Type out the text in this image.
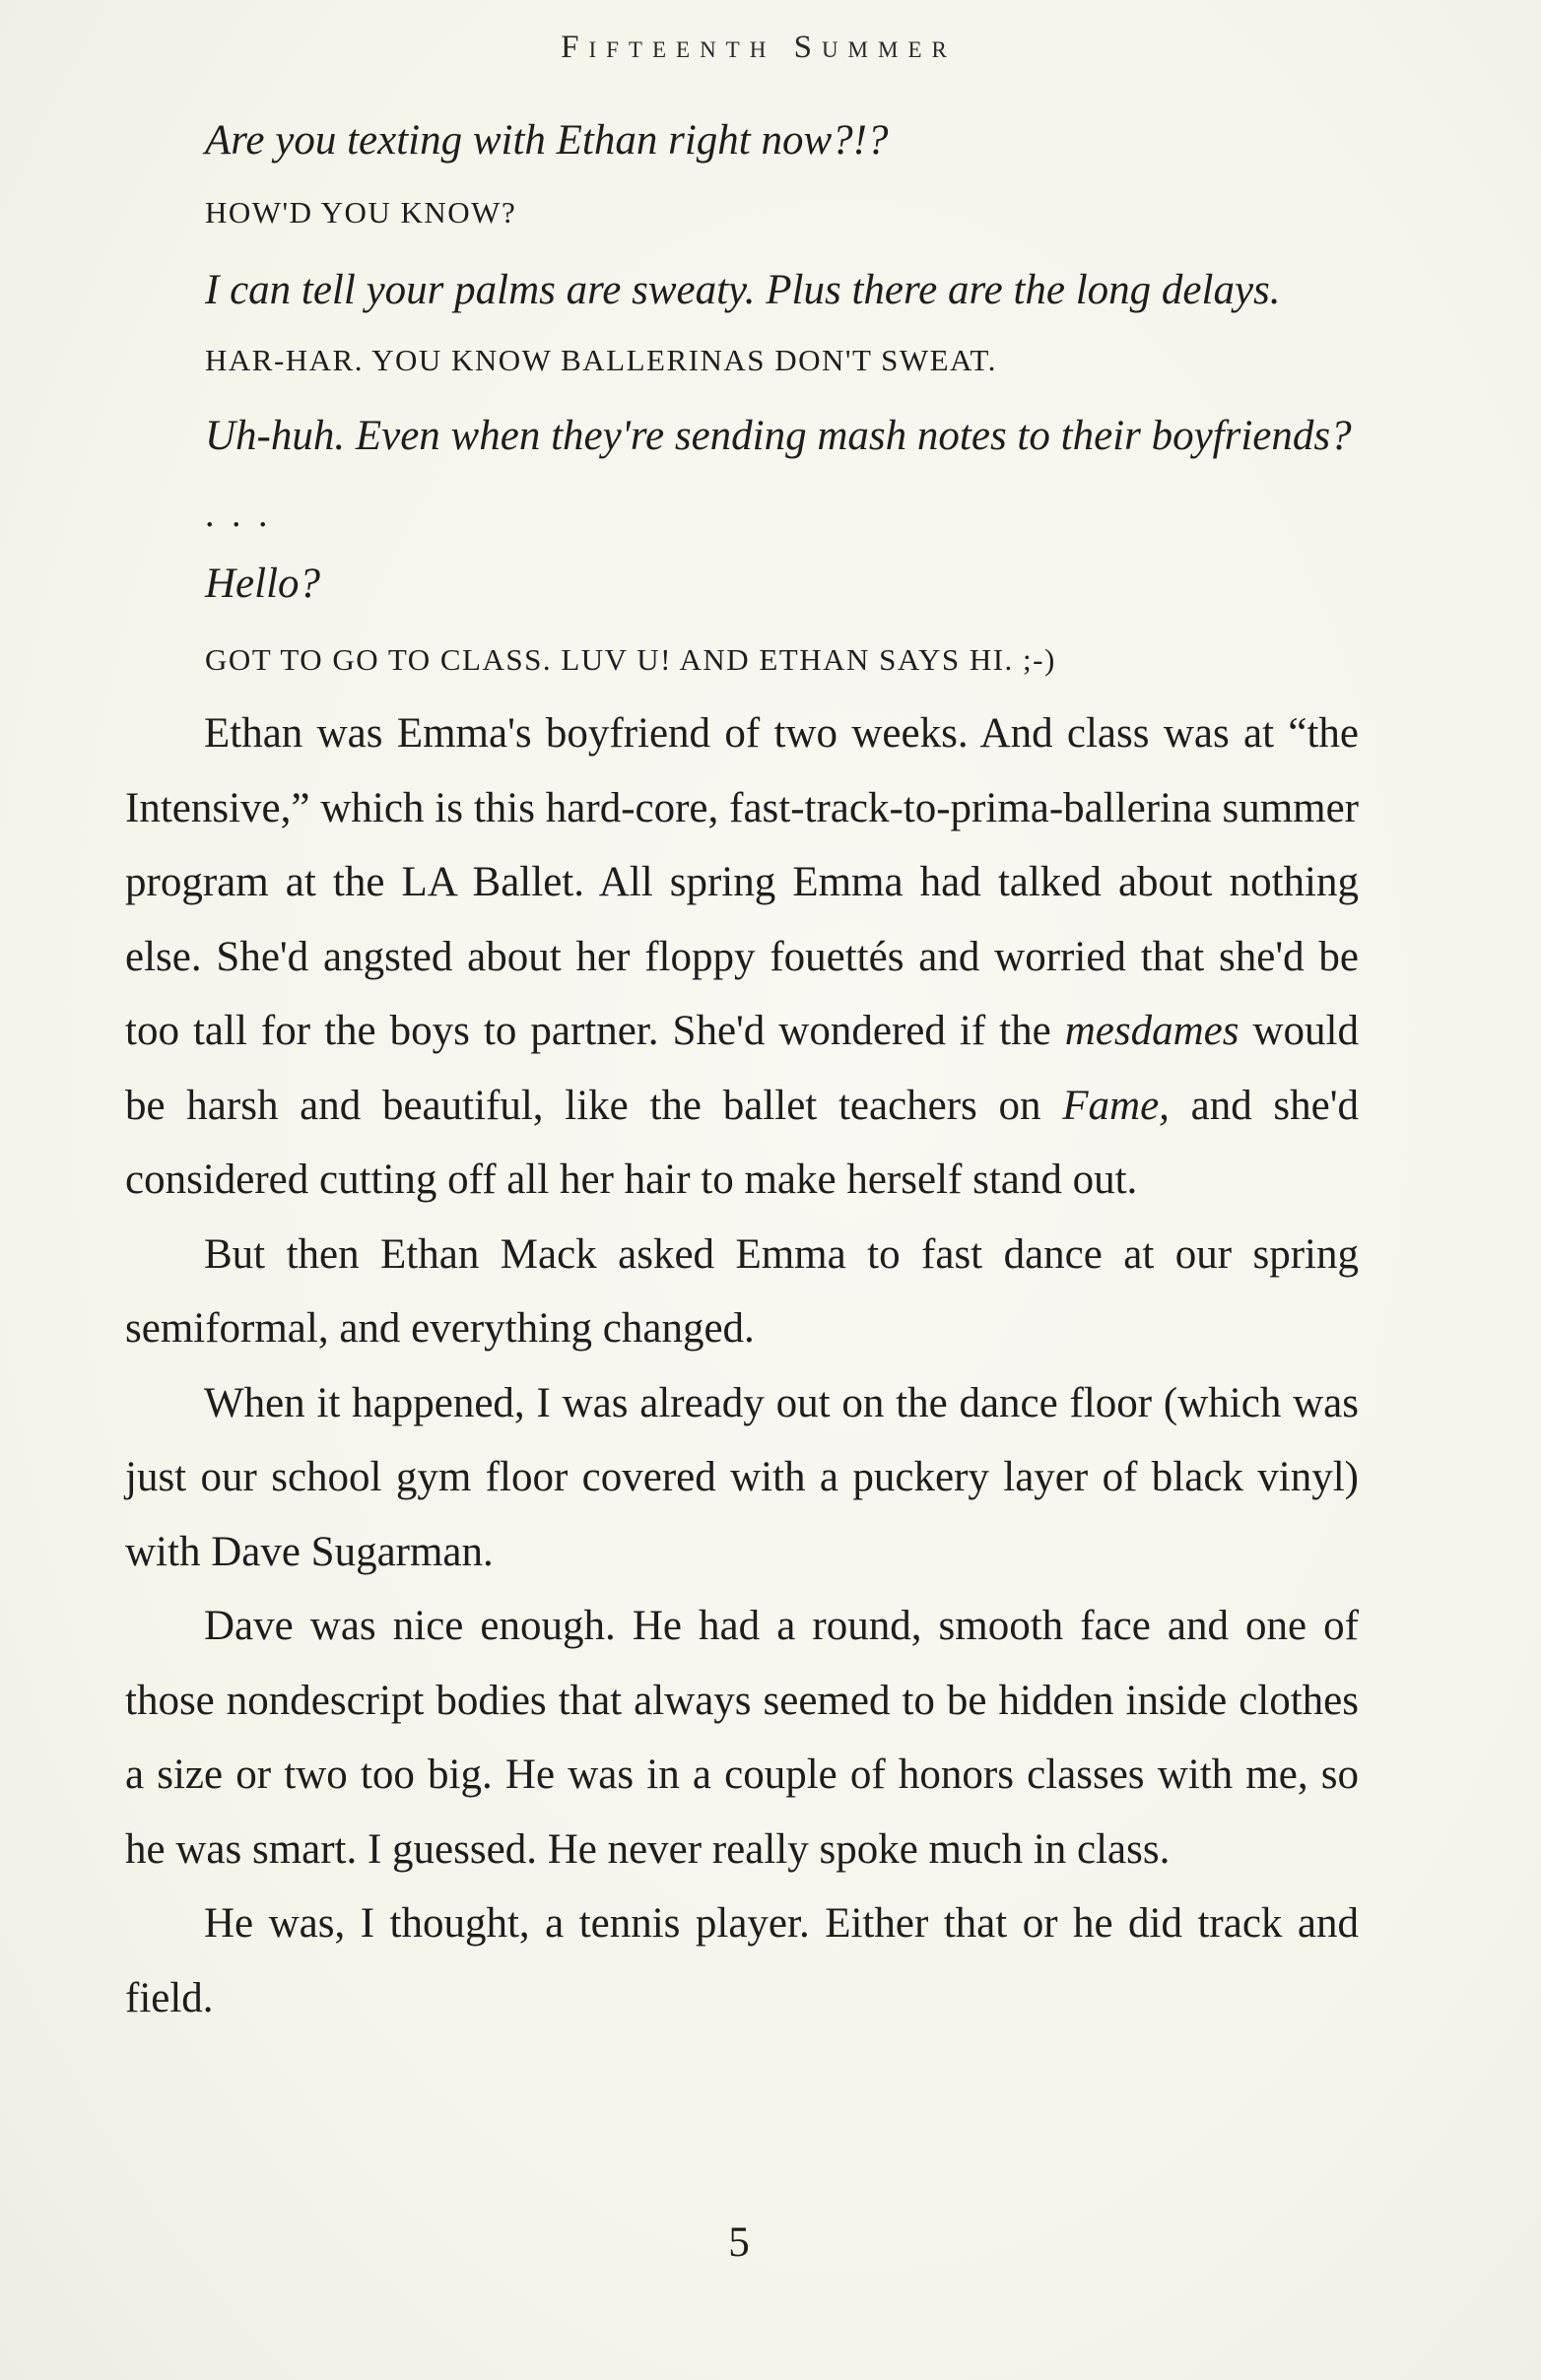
Fifteenth Summer
Are you texting with Ethan right now?!?
HOW'D YOU KNOW?
I can tell your palms are sweaty. Plus there are the long delays.
HAR-HAR. YOU KNOW BALLERINAS DON'T SWEAT.
Uh-huh. Even when they're sending mash notes to their boyfriends?
. . .
Hello?
GOT TO GO TO CLASS. LUV U! AND ETHAN SAYS HI. ;-)

Ethan was Emma's boyfriend of two weeks. And class was at “the Intensive,” which is this hard-core, fast-track-to-prima-ballerina summer program at the LA Ballet. All spring Emma had talked about nothing else. She'd angsted about her floppy fouettés and worried that she'd be too tall for the boys to partner. She'd wondered if the mesdames would be harsh and beautiful, like the ballet teachers on Fame, and she'd considered cutting off all her hair to make herself stand out.

But then Ethan Mack asked Emma to fast dance at our spring semiformal, and everything changed.

When it happened, I was already out on the dance floor (which was just our school gym floor covered with a puckery layer of black vinyl) with Dave Sugarman.

Dave was nice enough. He had a round, smooth face and one of those nondescript bodies that always seemed to be hidden inside clothes a size or two too big. He was in a couple of honors classes with me, so he was smart. I guessed. He never really spoke much in class.

He was, I thought, a tennis player. Either that or he did track and field.

5
